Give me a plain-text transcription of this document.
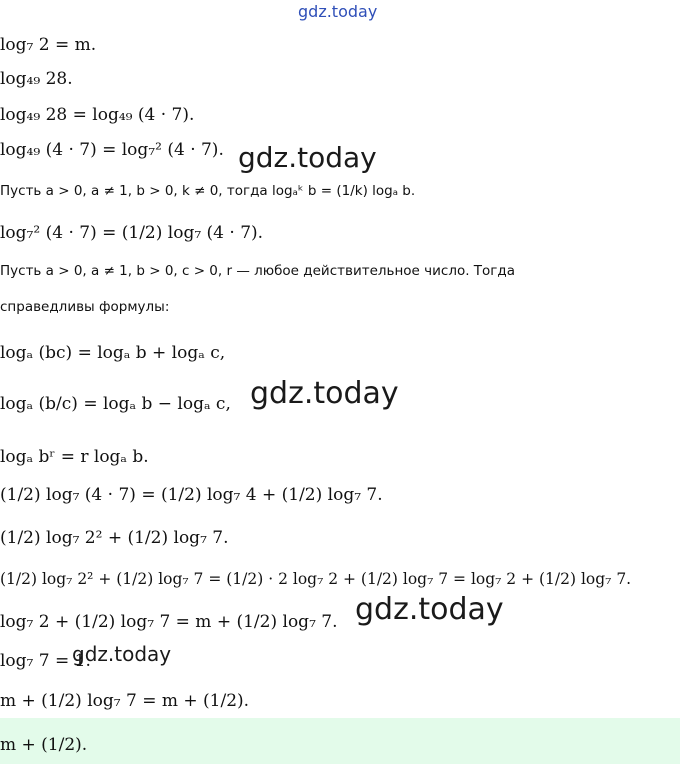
gdz.today
log₇ 2 = m.
log₄₉ 28.
log₄₉ 28 = log₄₉ (4 · 7).
log₄₉ (4 · 7) = log₇² (4 · 7). gdz.today
Пусть a > 0, a ≠ 1, b > 0, k ≠ 0, тогда logₐᵏ b = (1/k) logₐ b.
log₇² (4 · 7) = (1/2) log₇ (4 · 7).
Пусть a > 0, a ≠ 1, b > 0, c > 0, r — любое действительное число. Тогда
справедливы формулы:
logₐ (bc) = logₐ b + logₐ c,
logₐ (b/c) = logₐ b − logₐ c, gdz.today
logₐ bʳ = r logₐ b.
(1/2) log₇ (4 · 7) = (1/2) log₇ 4 + (1/2) log₇ 7.
(1/2) log₇ 2² + (1/2) log₇ 7.
(1/2) log₇ 2² + (1/2) log₇ 7 = (1/2) · 2 log₇ 2 + (1/2) log₇ 7 = log₇ 2 + (1/2) log₇ 7.
gdz.today
log₇ 2 + (1/2) log₇ 7 = m + (1/2) log₇ 7.
log₇ 7 = 1.
gdz.today
m + (1/2) log₇ 7 = m + (1/2).
m + (1/2).
